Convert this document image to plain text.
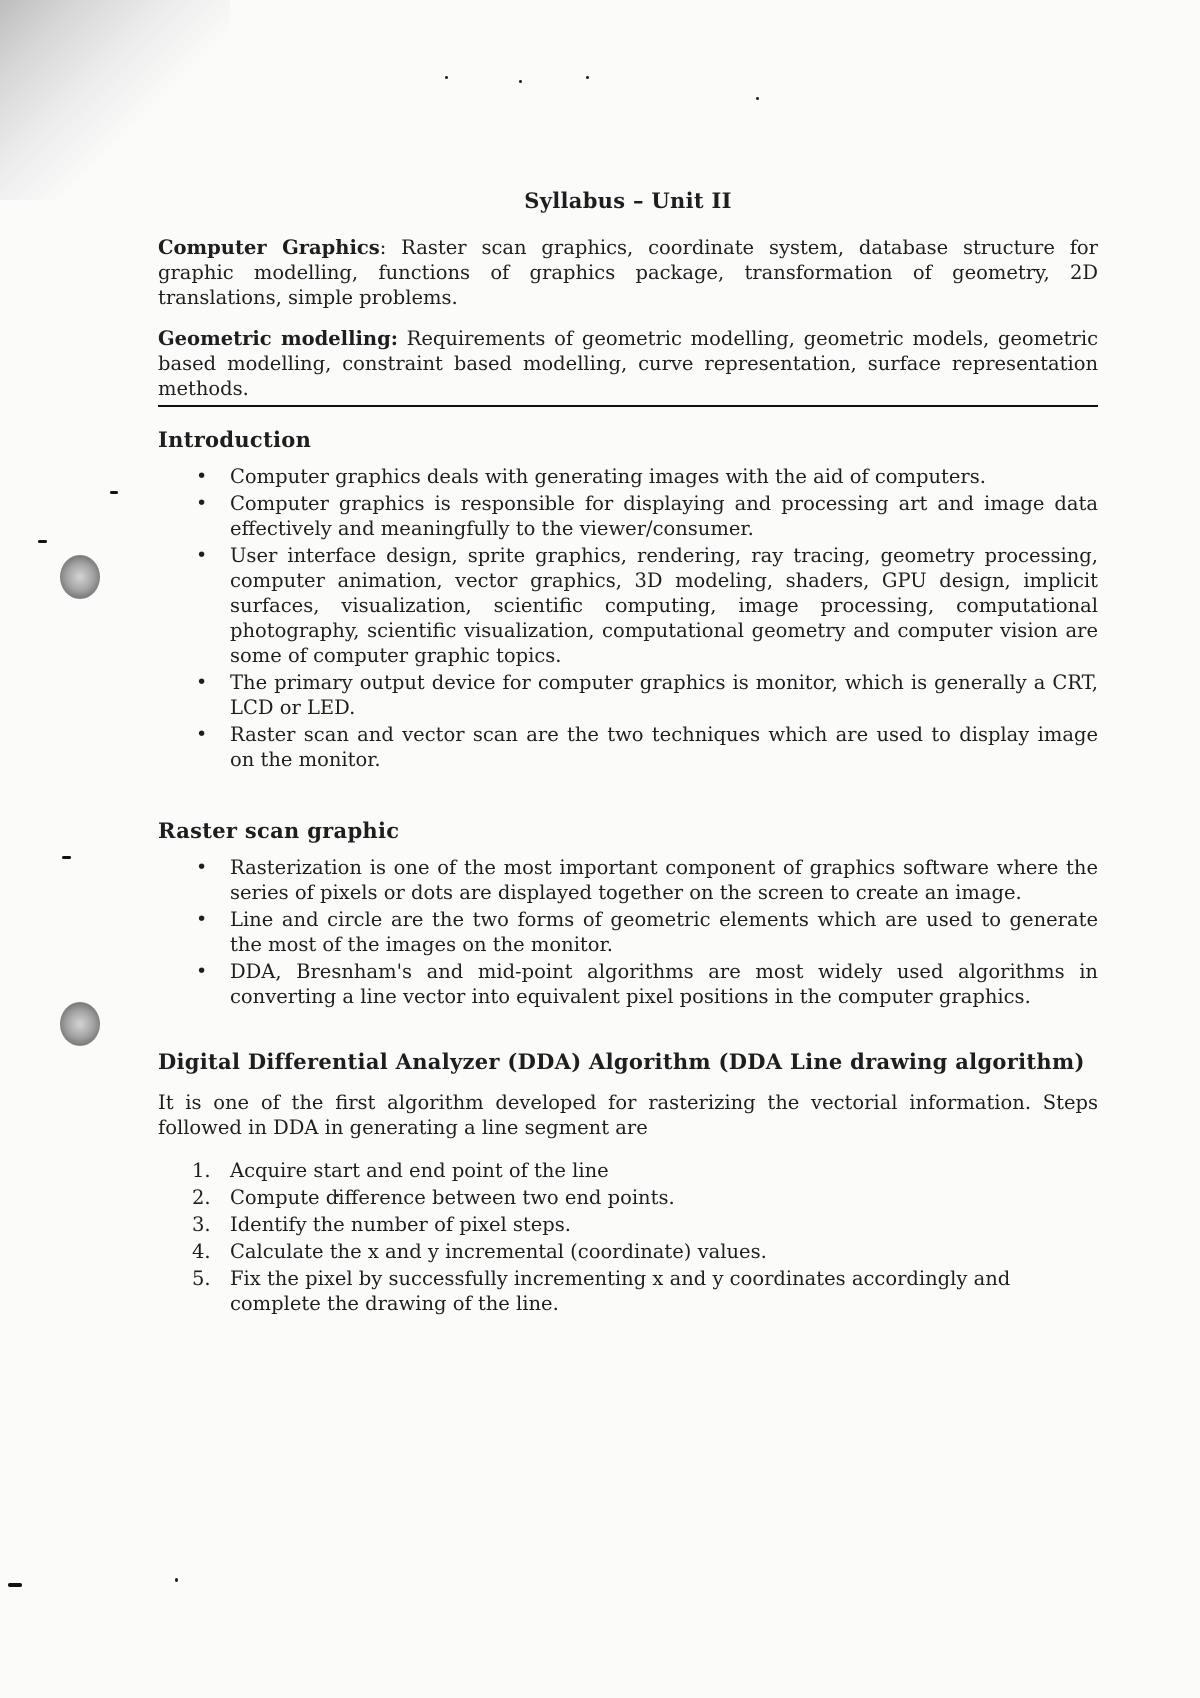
Syllabus – Unit II

Computer Graphics: Raster scan graphics, coordinate system, database structure for graphic modelling, functions of graphics package, transformation of geometry, 2D translations, simple problems.

Geometric modelling: Requirements of geometric modelling, geometric models, geometric based modelling, constraint based modelling, curve representation, surface representation methods.

Introduction
• Computer graphics deals with generating images with the aid of computers.
• Computer graphics is responsible for displaying and processing art and image data effectively and meaningfully to the viewer/consumer.
• User interface design, sprite graphics, rendering, ray tracing, geometry processing, computer animation, vector graphics, 3D modeling, shaders, GPU design, implicit surfaces, visualization, scientific computing, image processing, computational photography, scientific visualization, computational geometry and computer vision are some of computer graphic topics.
• The primary output device for computer graphics is monitor, which is generally a CRT, LCD or LED.
• Raster scan and vector scan are the two techniques which are used to display image on the monitor.
Raster scan graphic
• Rasterization is one of the most important component of graphics software where the series of pixels or dots are displayed together on the screen to create an image.
• Line and circle are the two forms of geometric elements which are used to generate the most of the images on the monitor.
• DDA, Bresnham's and mid-point algorithms are most widely used algorithms in converting a line vector into equivalent pixel positions in the computer graphics.
Digital Differential Analyzer (DDA) Algorithm (DDA Line drawing algorithm)

It is one of the first algorithm developed for rasterizing the vectorial information. Steps followed in DDA in generating a line segment are

1. Acquire start and end point of the line
2. Compute difference between two end points.
3. Identify the number of pixel steps.
4. Calculate the x and y incremental (coordinate) values.
5. Fix the pixel by successfully incrementing x and y coordinates accordingly and complete the drawing of the line.
